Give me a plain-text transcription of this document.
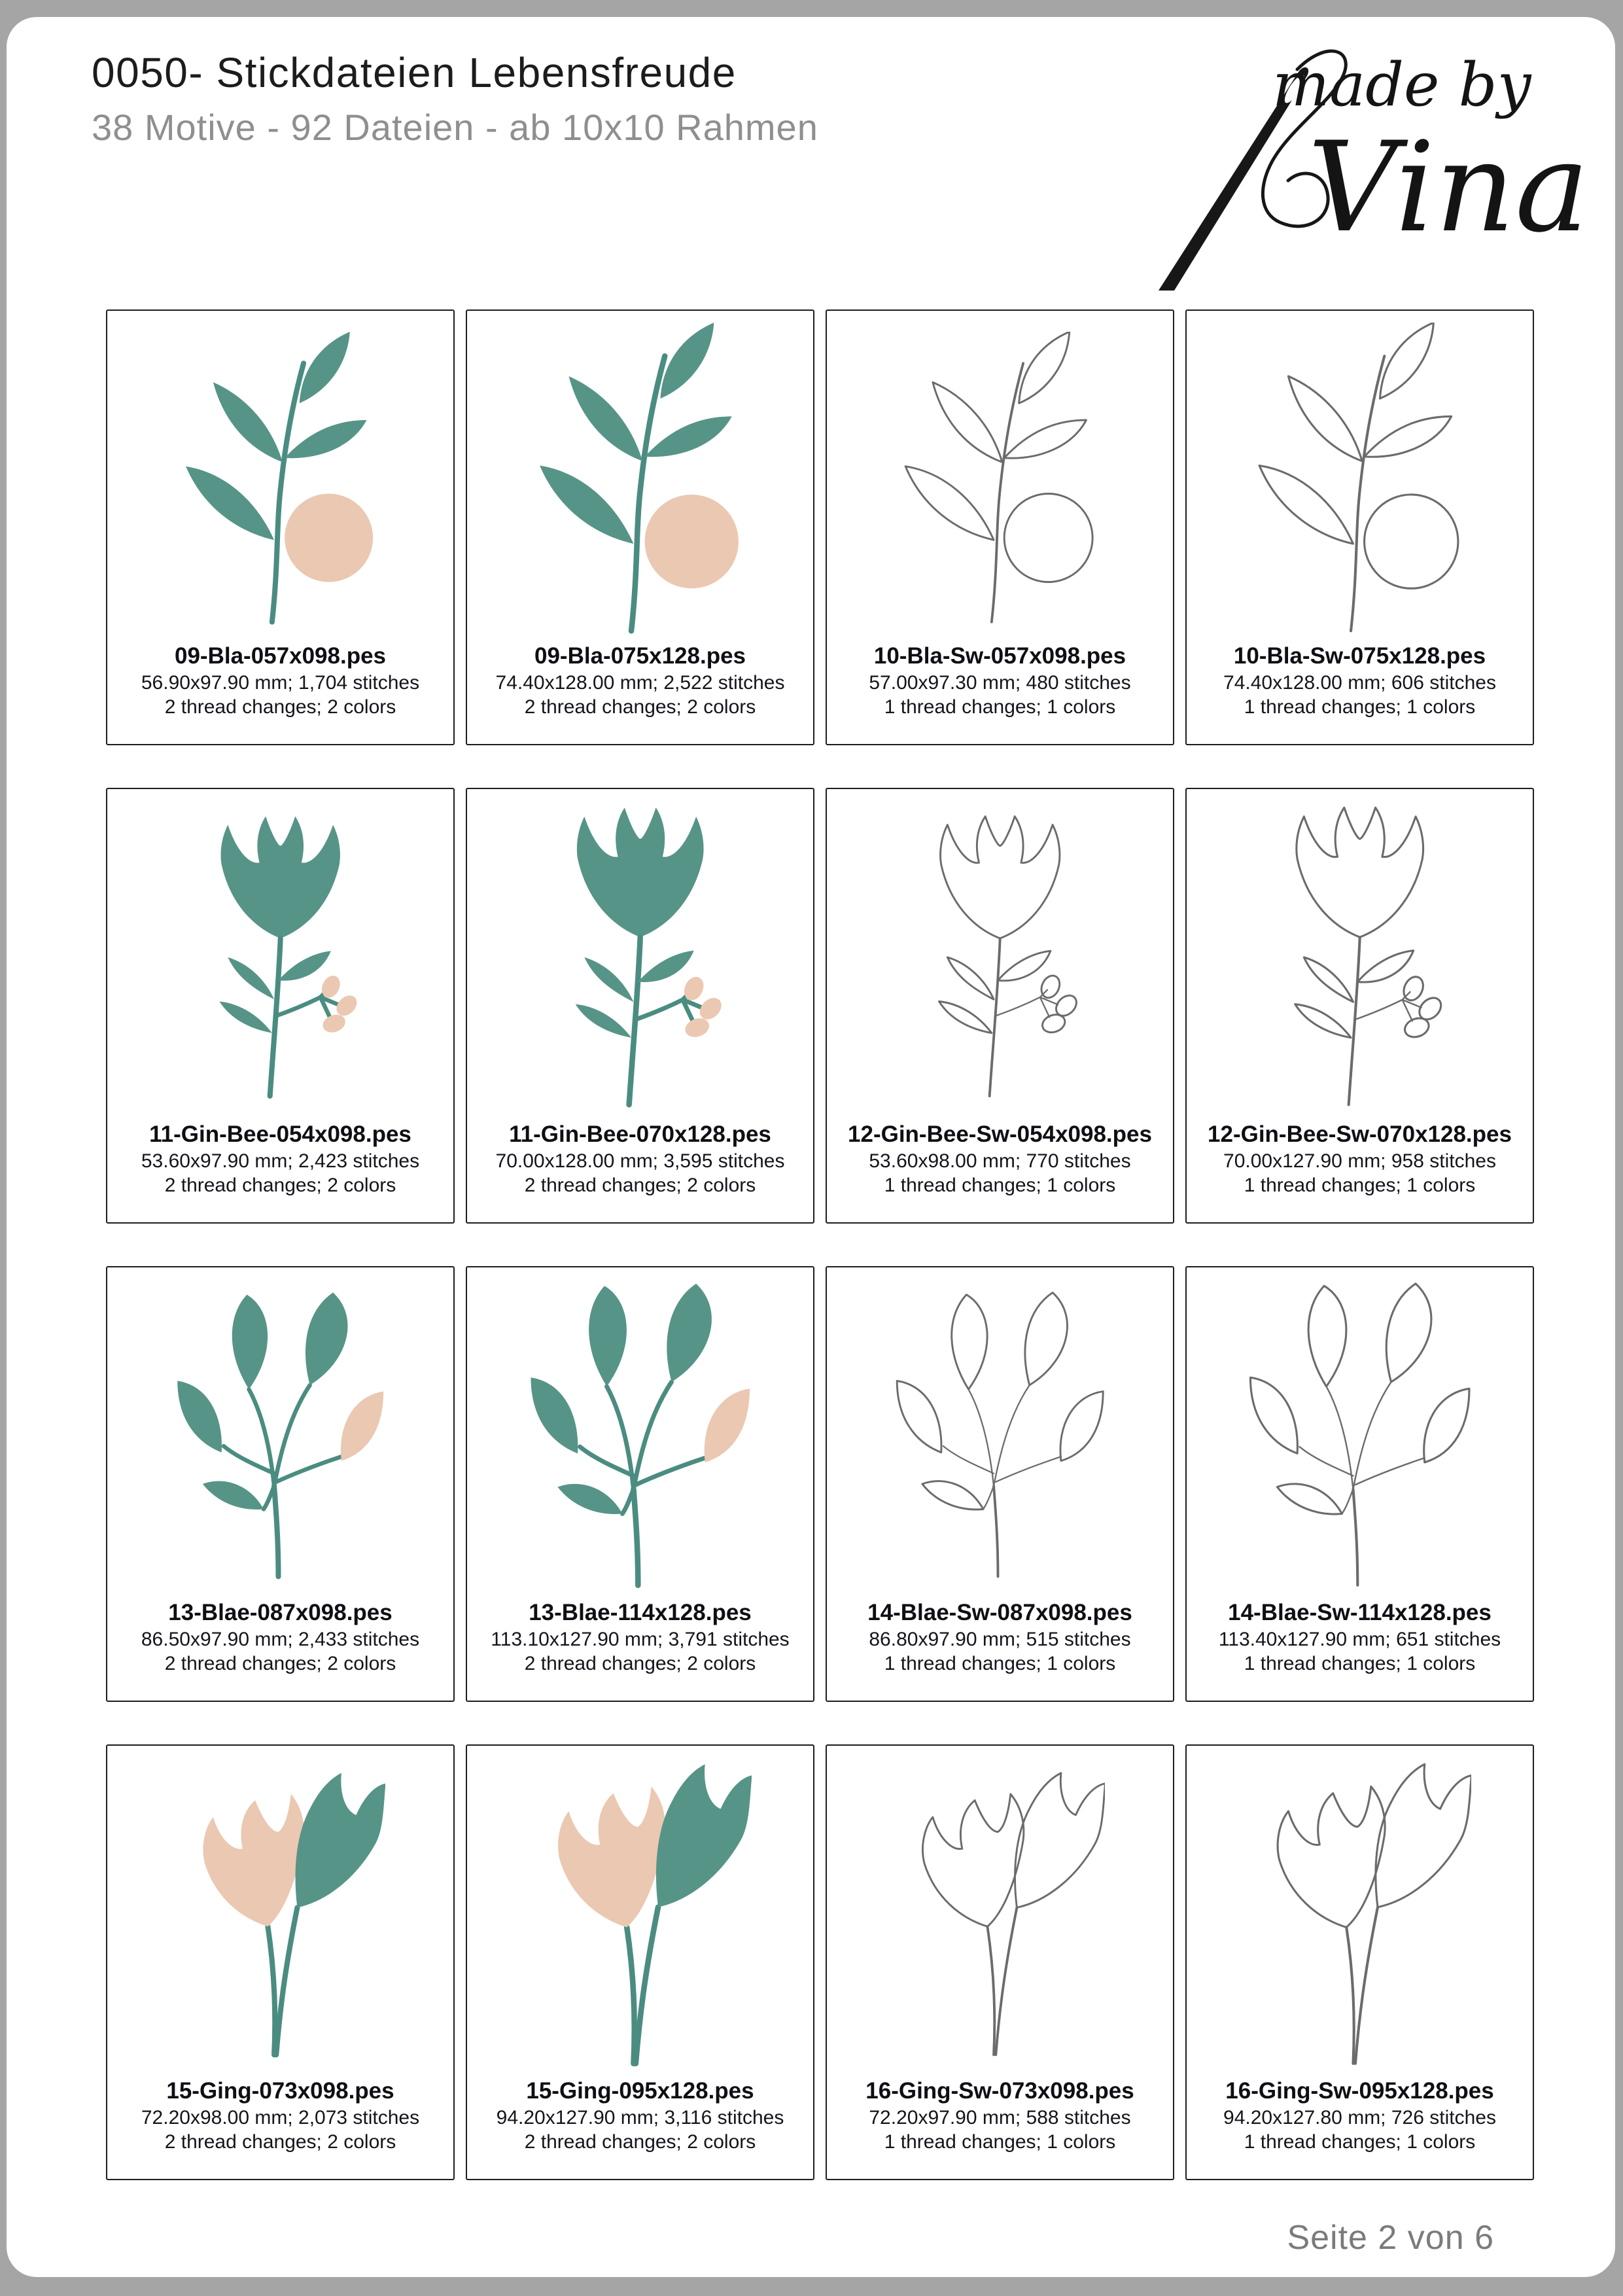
0050- Stickdateien Lebensfreude
38 Motive - 92 Dateien - ab 10x10 Rahmen
made by
Vina
09-Bla-057x098.pes
56.90x97.90 mm; 1,704 stitches
2 thread changes; 2 colors
09-Bla-075x128.pes
74.40x128.00 mm; 2,522 stitches
2 thread changes; 2 colors
10-Bla-Sw-057x098.pes
57.00x97.30 mm; 480 stitches
1 thread changes; 1 colors
10-Bla-Sw-075x128.pes
74.40x128.00 mm; 606 stitches
1 thread changes; 1 colors
11-Gin-Bee-054x098.pes
53.60x97.90 mm; 2,423 stitches
2 thread changes; 2 colors
11-Gin-Bee-070x128.pes
70.00x128.00 mm; 3,595 stitches
2 thread changes; 2 colors
12-Gin-Bee-Sw-054x098.pes
53.60x98.00 mm; 770 stitches
1 thread changes; 1 colors
12-Gin-Bee-Sw-070x128.pes
70.00x127.90 mm; 958 stitches
1 thread changes; 1 colors
13-Blae-087x098.pes
86.50x97.90 mm; 2,433 stitches
2 thread changes; 2 colors
13-Blae-114x128.pes
113.10x127.90 mm; 3,791 stitches
2 thread changes; 2 colors
14-Blae-Sw-087x098.pes
86.80x97.90 mm; 515 stitches
1 thread changes; 1 colors
14-Blae-Sw-114x128.pes
113.40x127.90 mm; 651 stitches
1 thread changes; 1 colors
15-Ging-073x098.pes
72.20x98.00 mm; 2,073 stitches
2 thread changes; 2 colors
15-Ging-095x128.pes
94.20x127.90 mm; 3,116 stitches
2 thread changes; 2 colors
16-Ging-Sw-073x098.pes
72.20x97.90 mm; 588 stitches
1 thread changes; 1 colors
16-Ging-Sw-095x128.pes
94.20x127.80 mm; 726 stitches
1 thread changes; 1 colors
Seite 2 von 6
